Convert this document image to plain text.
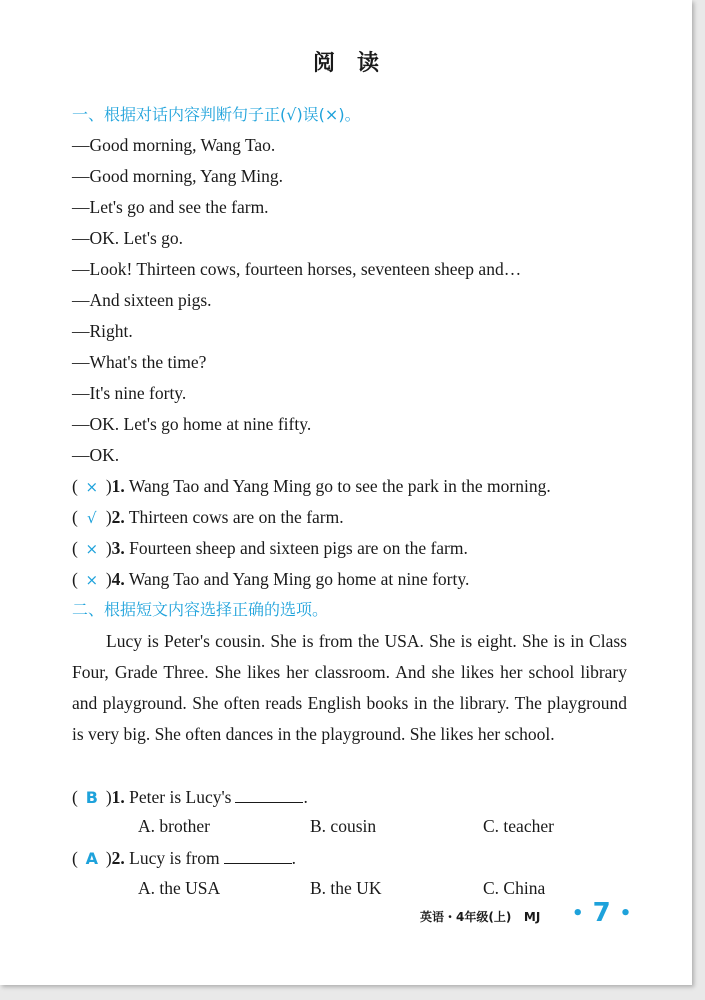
阅读
一、根据对话内容判断句子正(√)误(×)。
—Good morning, Wang Tao.
—Good morning, Yang Ming.
—Let's go and see the farm.
—OK. Let's go.
—Look! Thirteen cows, fourteen horses, seventeen sheep and…
—And sixteen pigs.
—Right.
—What's the time?
—It's nine forty.
—OK. Let's go home at nine fifty.
—OK.
( × )1. Wang Tao and Yang Ming go to see the park in the morning.
( √ )2. Thirteen cows are on the farm.
( × )3. Fourteen sheep and sixteen pigs are on the farm.
( × )4. Wang Tao and Yang Ming go home at nine forty.
二、根据短文内容选择正确的选项。

Lucy is Peter's cousin. She is from the USA. She is eight. She is in Class Four, Grade Three. She likes her classroom. And she likes her school library and playground. She often reads English books in the library. The playground is very big. She often dances in the playground. She likes her school.

( B )1. Peter is Lucy's	.
A. brother	B. cousin	C. teacher
( A )2. Lucy is from	.
A. the USA	B. the UK	C. China
英语・4年级(上) MJ • 7 •
